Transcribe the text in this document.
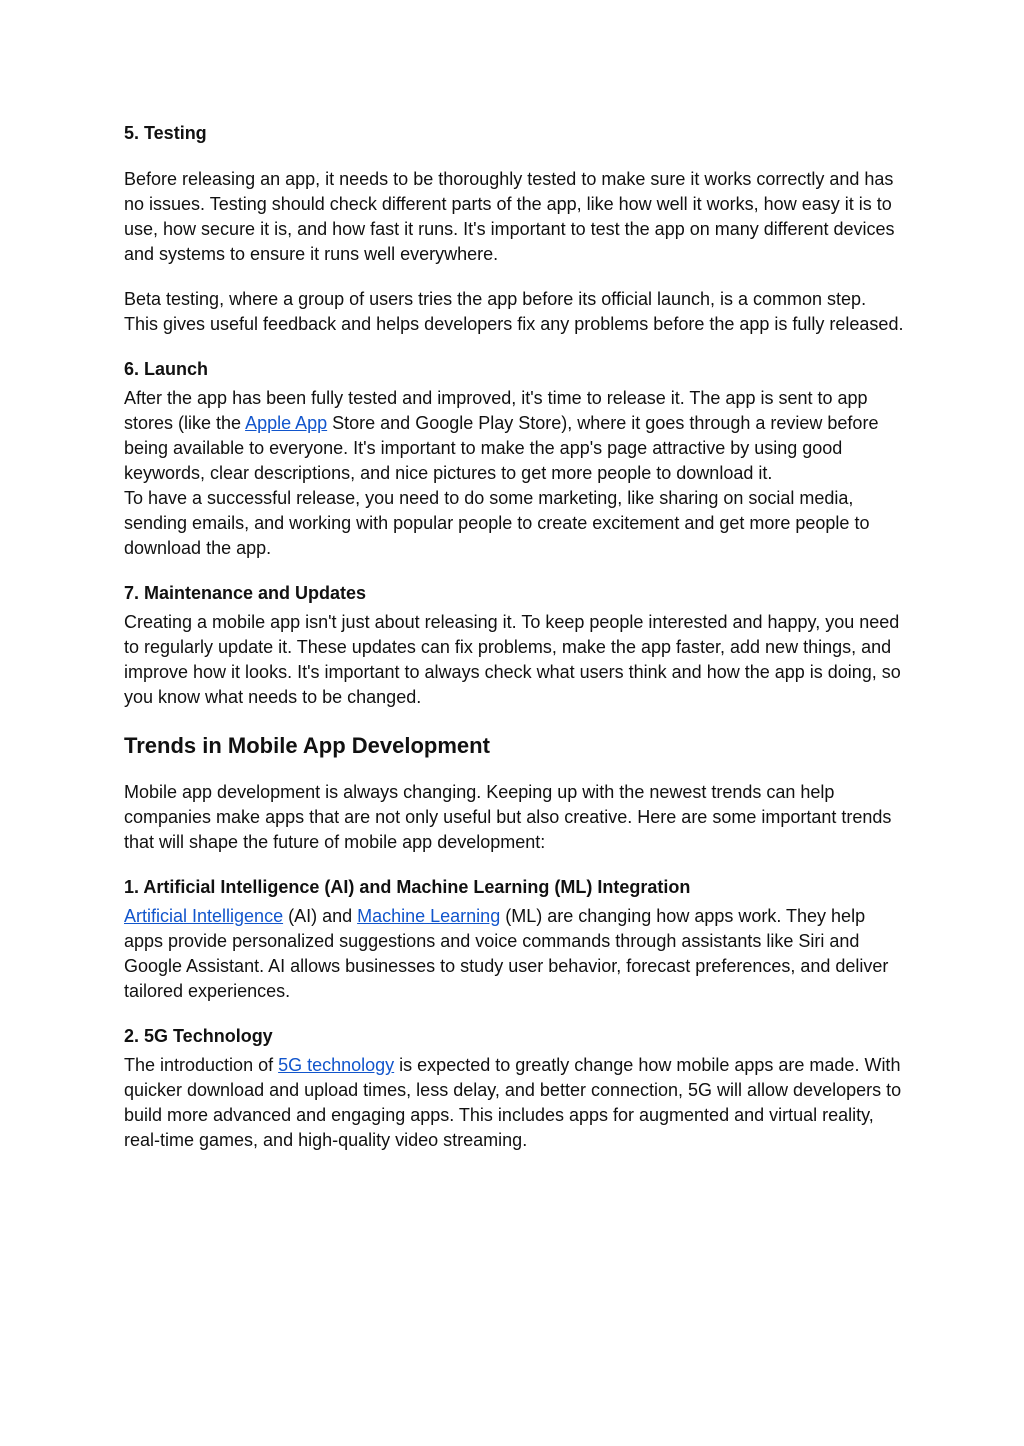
5. Testing

Before releasing an app, it needs to be thoroughly tested to make sure it works correctly and has no issues. Testing should check different parts of the app, like how well it works, how easy it is to use, how secure it is, and how fast it runs. It's important to test the app on many different devices and systems to ensure it runs well everywhere.

Beta testing, where a group of users tries the app before its official launch, is a common step. This gives useful feedback and helps developers fix any problems before the app is fully released.

6. Launch

After the app has been fully tested and improved, it's time to release it. The app is sent to app stores (like the Apple App Store and Google Play Store), where it goes through a review before being available to everyone. It's important to make the app's page attractive by using good keywords, clear descriptions, and nice pictures to get more people to download it.

To have a successful release, you need to do some marketing, like sharing on social media, sending emails, and working with popular people to create excitement and get more people to download the app.

7. Maintenance and Updates

Creating a mobile app isn't just about releasing it. To keep people interested and happy, you need to regularly update it. These updates can fix problems, make the app faster, add new things, and improve how it looks. It's important to always check what users think and how the app is doing, so you know what needs to be changed.

Trends in Mobile App Development

Mobile app development is always changing. Keeping up with the newest trends can help companies make apps that are not only useful but also creative. Here are some important trends that will shape the future of mobile app development:

1. Artificial Intelligence (AI) and Machine Learning (ML) Integration

Artificial Intelligence (AI) and Machine Learning (ML) are changing how apps work. They help apps provide personalized suggestions and voice commands through assistants like Siri and Google Assistant. AI allows businesses to study user behavior, forecast preferences, and deliver tailored experiences.

2. 5G Technology

The introduction of 5G technology is expected to greatly change how mobile apps are made. With quicker download and upload times, less delay, and better connection, 5G will allow developers to build more advanced and engaging apps. This includes apps for augmented and virtual reality, real-time games, and high-quality video streaming.
